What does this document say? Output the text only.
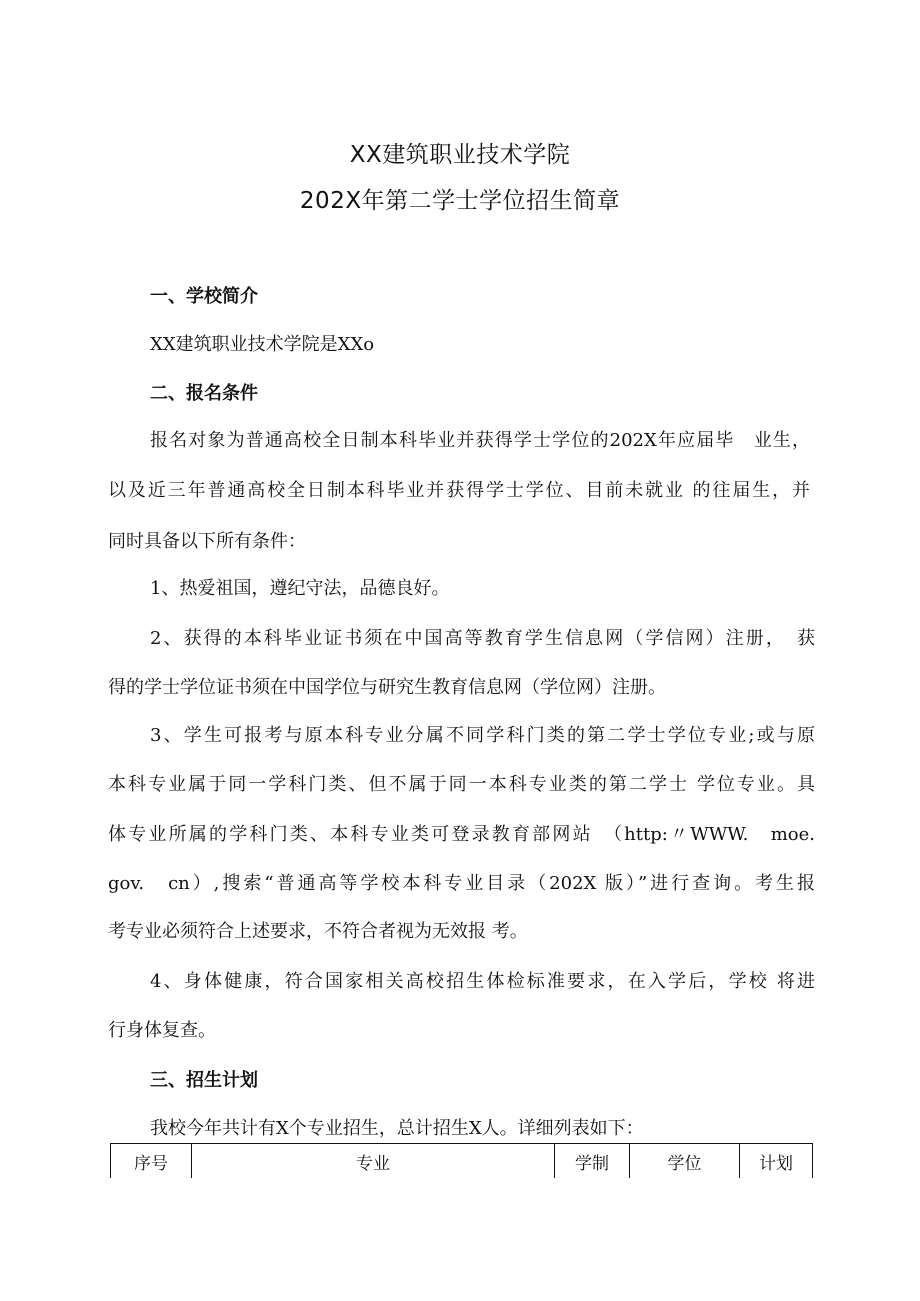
XX建筑职业技术学院
202X年第二学士学位招生简章
一、学校简介
XX建筑职业技术学院是XXo
二、报名条件
报名对象为普通高校全日制本科毕业并获得学士学位的202X年应届毕　业生，
以及近三年普通高校全日制本科毕业并获得学士学位、目前未就业 的往届生，并
同时具备以下所有条件：
1、热爱祖国，遵纪守法，品德良好。
2、获得的本科毕业证书须在中国高等教育学生信息网（学信网）注册，　获
得的学士学位证书须在中国学位与研究生教育信息网（学位网）注册。
3、学生可报考与原本科专业分属不同学科门类的第二学士学位专业;或与原
本科专业属于同一学科门类、但不属于同一本科专业类的第二学士 学位专业。具
体专业所属的学科门类、本科专业类可登录教育部网站　（http:〃WWW.　moe.
gov.　cn）,搜索“普通高等学校本科专业目录（202X 版）”进行查询。考生报
考专业必须符合上述要求，不符合者视为无效报 考。
4、身体健康，符合国家相关高校招生体检标准要求，在入学后，学校 将进
行身体复查。
三、招生计划
我校今年共计有X个专业招生，总计招生X人。详细列表如下：
序号	专业	学制	学位	计划
